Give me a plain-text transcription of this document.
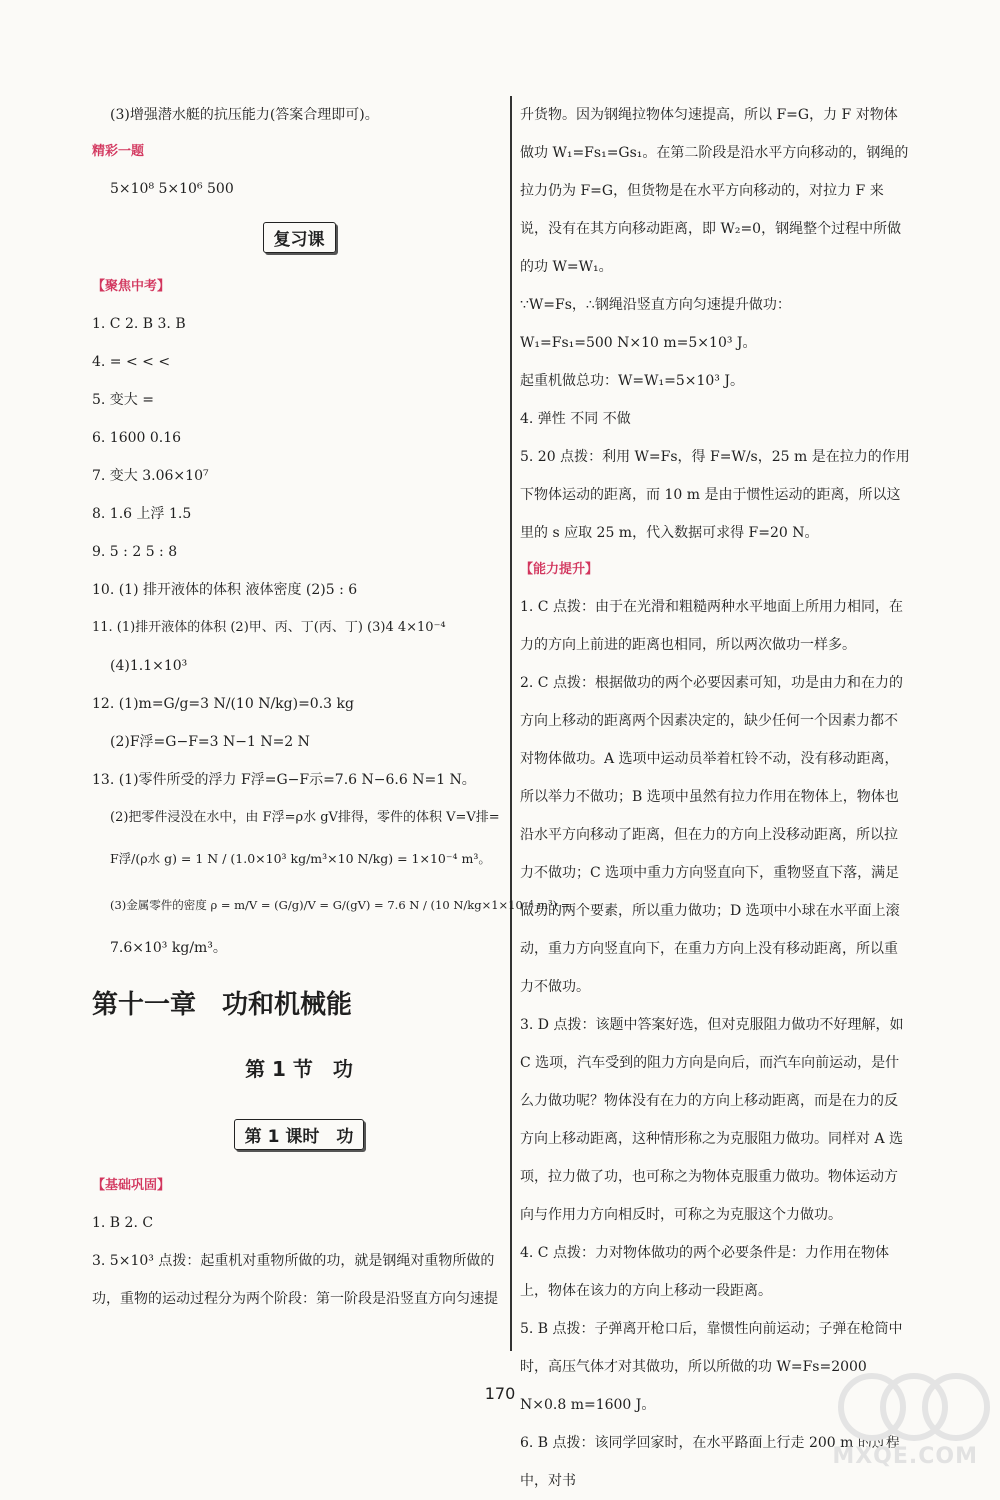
(3)增强潜水艇的抗压能力(答案合理即可)。
精彩一题
5×10⁸ 5×10⁶ 500
复习课
【聚焦中考】
1. C 2. B 3. B
4. = < < <
5. 变大 =
6. 1600 0.16
7. 变大 3.06×10⁷
8. 1.6 上浮 1.5
9. 5 : 2 5 : 8
10. (1) 排开液体的体积 液体密度 (2)5 : 6
11. (1)排开液体的体积 (2)甲、丙、丁(丙、丁) (3)4 4×10⁻⁴
(4)1.1×10³
12. (1)m=G/g=3 N/(10 N/kg)=0.3 kg
(2)F浮=G−F=3 N−1 N=2 N
13. (1)零件所受的浮力 F浮=G−F示=7.6 N−6.6 N=1 N。
(2)把零件浸没在水中，由 F浮=ρ水 gV排得，零件的体积 V=V排=
F浮/(ρ水 g) = 1 N / (1.0×10³ kg/m³×10 N/kg) = 1×10⁻⁴ m³。
(3)金属零件的密度 ρ = m/V = (G/g)/V = G/(gV) = 7.6 N / (10 N/kg×1×10⁻⁴ m³) =
7.6×10³ kg/m³。
第十一章　功和机械能
第 1 节　功
第 1 课时　功
【基础巩固】
1. B 2. C
3. 5×10³ 点拨：起重机对重物所做的功，就是钢绳对重物所做的功，重物的运动过程分为两个阶段：第一阶段是沿竖直方向匀速提
升货物。因为钢绳拉物体匀速提高，所以 F=G，力 F 对物体做功 W₁=Fs₁=Gs₁。在第二阶段是沿水平方向移动的，钢绳的拉力仍为 F=G，但货物是在水平方向移动的，对拉力 F 来说，没有在其方向移动距离，即 W₂=0，钢绳整个过程中所做的功 W=W₁。
∵W=Fs，∴钢绳沿竖直方向匀速提升做功：
W₁=Fs₁=500 N×10 m=5×10³ J。
起重机做总功：W=W₁=5×10³ J。
4. 弹性 不同 不做
5. 20 点拨：利用 W=Fs，得 F=W/s，25 m 是在拉力的作用下物体运动的距离，而 10 m 是由于惯性运动的距离，所以这里的 s 应取 25 m，代入数据可求得 F=20 N。
【能力提升】
1. C 点拨：由于在光滑和粗糙两种水平地面上所用力相同，在力的方向上前进的距离也相同，所以两次做功一样多。
2. C 点拨：根据做功的两个必要因素可知，功是由力和在力的方向上移动的距离两个因素决定的，缺少任何一个因素力都不对物体做功。A 选项中运动员举着杠铃不动，没有移动距离，所以举力不做功；B 选项中虽然有拉力作用在物体上，物体也沿水平方向移动了距离，但在力的方向上没移动距离，所以拉力不做功；C 选项中重力方向竖直向下，重物竖直下落，满足做功的两个要素，所以重力做功；D 选项中小球在水平面上滚动，重力方向竖直向下，在重力方向上没有移动距离，所以重力不做功。
3. D 点拨：该题中答案好选，但对克服阻力做功不好理解，如 C 选项，汽车受到的阻力方向是向后，而汽车向前运动，是什么力做功呢？物体没有在力的方向上移动距离，而是在力的反方向上移动距离，这种情形称之为克服阻力做功。同样对 A 选项，拉力做了功，也可称之为物体克服重力做功。物体运动方向与作用力方向相反时，可称之为克服这个力做功。
4. C 点拨：力对物体做功的两个必要条件是：力作用在物体上，物体在该力的方向上移动一段距离。
5. B 点拨：子弹离开枪口后，靠惯性向前运动；子弹在枪筒中时，高压气体才对其做功，所以所做的功 W=Fs=2000 N×0.8 m=1600 J。
6. B 点拨：该同学回家时，在水平路面上行走 200 m 的过程中，对书
170
MXQE.COM
